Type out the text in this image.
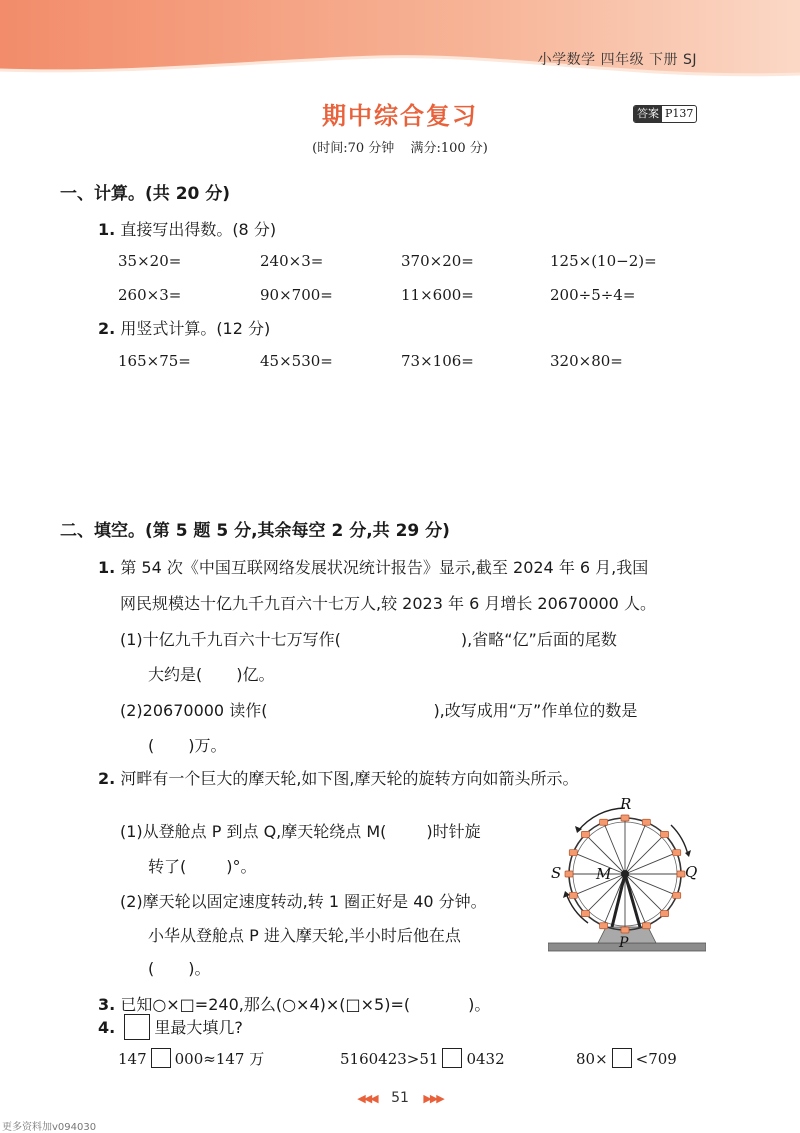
小学数学 四年级 下册 SJ
期中综合复习	答案 P137
(时间:70 分钟 满分:100 分)
一、计算。(共 20 分)
1. 直接写出得数。(8 分)
35×20=	240×3=	370×20=	125×(10−2)=
260×3=	90×700=	11×600=	200÷5÷4=
2. 用竖式计算。(12 分)
165×75=	45×530=	73×106=	320×80=
二、填空。(第 5 题 5 分,其余每空 2 分,共 29 分)
1. 第 54 次《中国互联网络发展状况统计报告》显示,截至 2024 年 6 月,我国
网民规模达十亿九千九百六十七万人,较 2023 年 6 月增长 20670000 人。
(1)十亿九千九百六十七万写作(	),省略“亿”后面的尾数
大约是( )亿。
(2)20670000 读作(	),改写成用“万”作单位的数是
( )万。
2. 河畔有一个巨大的摩天轮,如下图,摩天轮的旋转方向如箭头所示。
(1)从登舱点 P 到点 Q,摩天轮绕点 M(	)时针旋
转了(	)°。
(2)摩天轮以固定速度转动,转 1 圈正好是 40 分钟。
小华从登舱点 P 进入摩天轮,半小时后他在点
( )。
R
Q
S M
P
3. 已知○×□=240,那么(○×4)×(□×5)=(	)。
4. 里最大填几?
147 000≈147 万	5160423>51 0432	80× <709
◀◀◀ 51 ▶▶▶
更多资料加v094030
